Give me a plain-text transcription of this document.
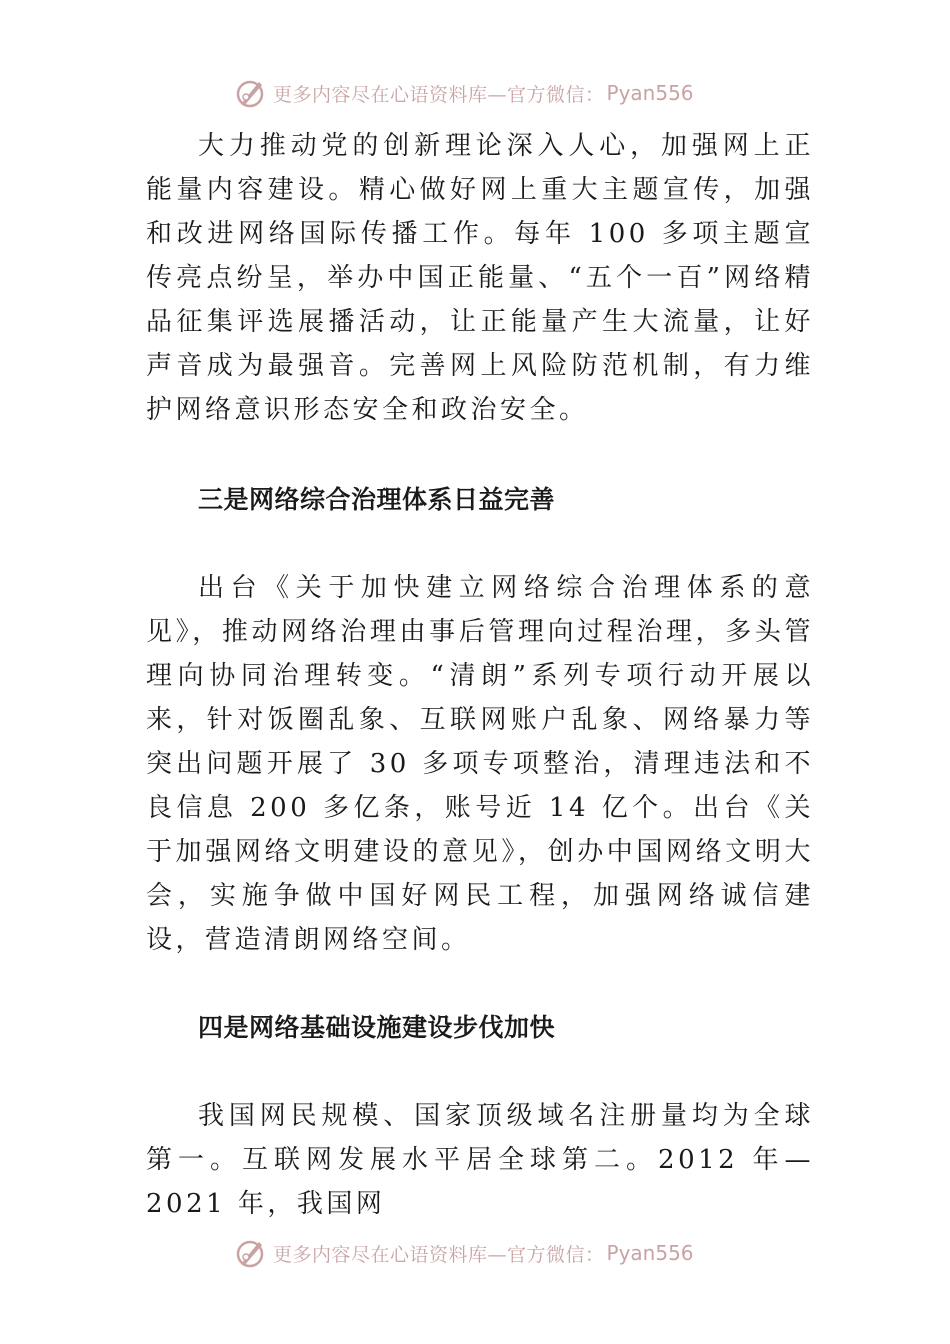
更多内容尽在心语资料库—官方微信： Pyan556

大力推动党的创新理论深入人心，加强网上正能量内容建设。精心做好网上重大主题宣传，加强和改进网络国际传播工作。每年 100 多项主题宣传亮点纷呈，举办中国正能量、“五个一百”网络精品征集评选展播活动，让正能量产生大流量，让好声音成为最强音。完善网上风险防范机制，有力维护网络意识形态安全和政治安全。

三是网络综合治理体系日益完善

出台《关于加快建立网络综合治理体系的意见》，推动网络治理由事后管理向过程治理，多头管理向协同治理转变。“清朗”系列专项行动开展以来，针对饭圈乱象、互联网账户乱象、网络暴力等突出问题开展了 30 多项专项整治，清理违法和不良信息 200 多亿条，账号近 14 亿个。出台《关于加强网络文明建设的意见》，创办中国网络文明大会，实施争做中国好网民工程，加强网络诚信建设，营造清朗网络空间。

四是网络基础设施建设步伐加快

我国网民规模、国家顶级域名注册量均为全球第一。互联网发展水平居全球第二。2012 年—2021 年，我国网

更多内容尽在心语资料库—官方微信： Pyan556
